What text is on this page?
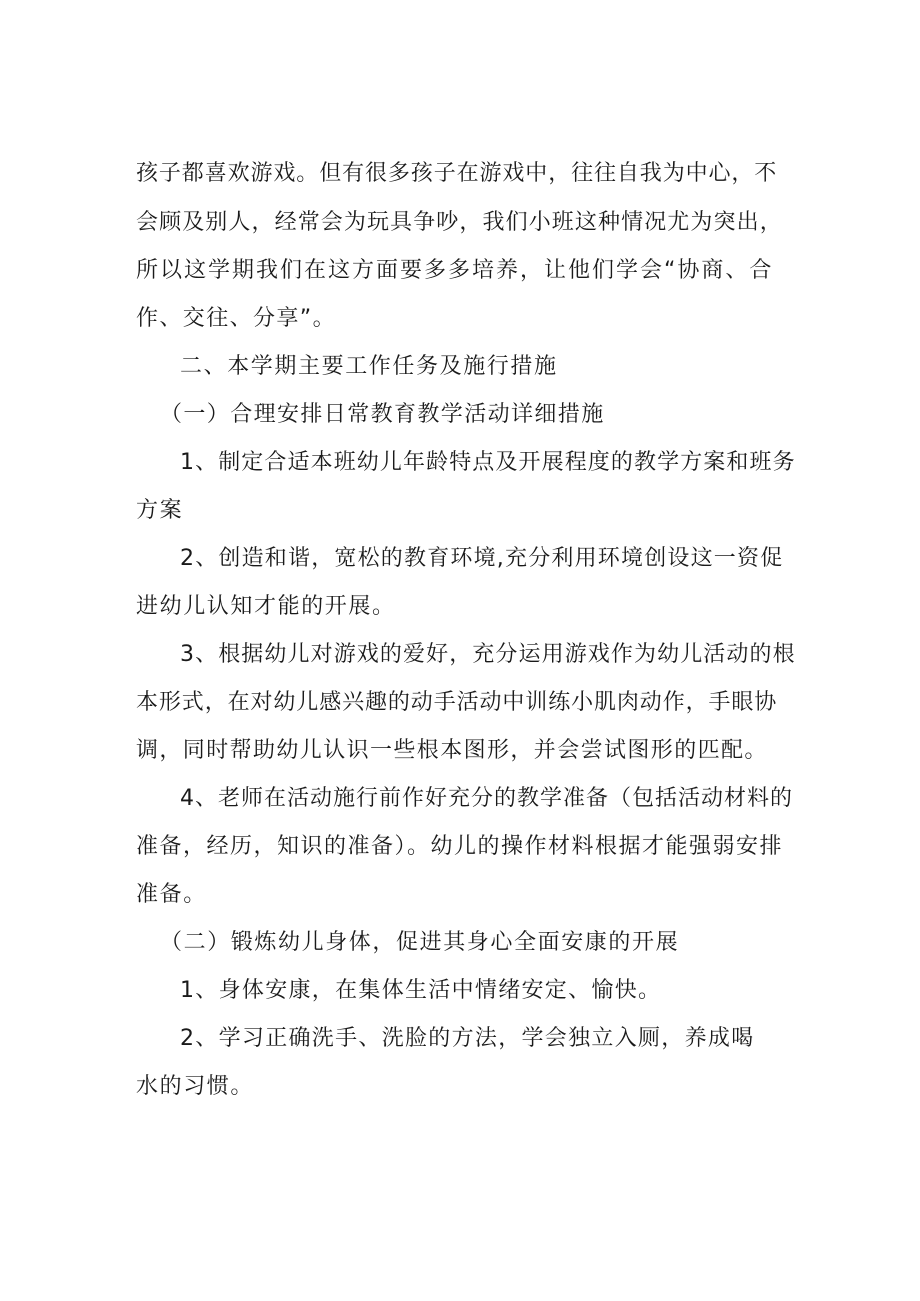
孩子都喜欢游戏。但有很多孩子在游戏中，往往自我为中心，不

会顾及别人，经常会为玩具争吵，我们小班这种情况尤为突出，

所以这学期我们在这方面要多多培养，让他们学会“协商、合

作、交往、分享”。

二、本学期主要工作任务及施行措施

（一）合理安排日常教育教学活动详细措施

1、制定合适本班幼儿年龄特点及开展程度的教学方案和班务

方案

2、创造和谐，宽松的教育环境,充分利用环境创设这一资促

进幼儿认知才能的开展。

3、根据幼儿对游戏的爱好，充分运用游戏作为幼儿活动的根

本形式，在对幼儿感兴趣的动手活动中训练小肌肉动作，手眼协

调，同时帮助幼儿认识一些根本图形，并会尝试图形的匹配。

4、老师在活动施行前作好充分的教学准备（包括活动材料的

准备，经历，知识的准备）。幼儿的操作材料根据才能强弱安排

准备。

（二）锻炼幼儿身体，促进其身心全面安康的开展

1、身体安康，在集体生活中情绪安定、愉快。

2、学习正确洗手、洗脸的方法，学会独立入厕，养成喝

水的习惯。
